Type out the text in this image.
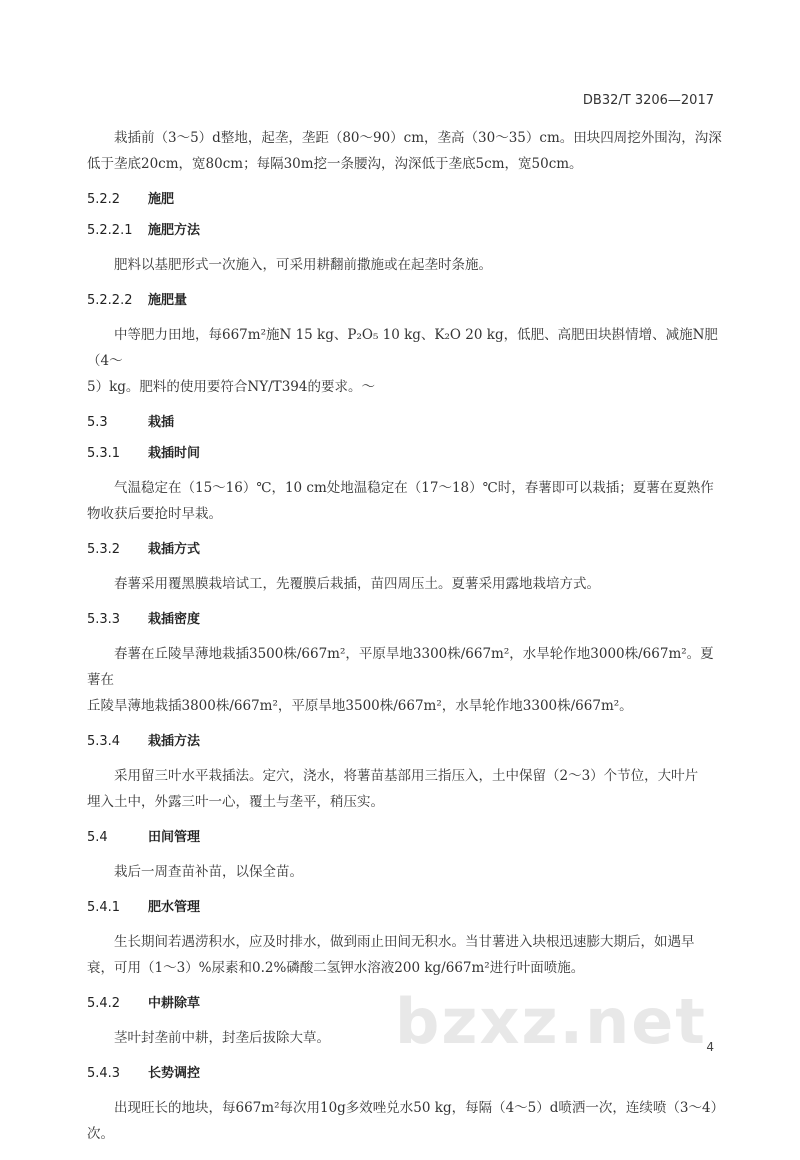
DB32/T 3206—2017

栽插前（3～5）d整地，起垄，垄距（80～90）cm，垄高（30～35）cm。田块四周挖外围沟，沟深

低于垄底20cm，宽80cm；每隔30m挖一条腰沟，沟深低于垄底5cm，宽50cm。

5.2.2 施肥
5.2.2.1 施肥方法

肥料以基肥形式一次施入，可采用耕翻前撒施或在起垄时条施。

5.2.2.2 施肥量

中等肥力田地，每667m²施N 15 kg、P₂O₅ 10 kg、K₂O 20 kg，低肥、高肥田块斟情增、减施N肥（4～

5）kg。肥料的使用要符合NY/T394的要求。～

5.3	栽插
5.3.1 栽插时间

气温稳定在（15～16）℃，10 cm处地温稳定在（17～18）℃时，春薯即可以栽插；夏薯在夏熟作

物收获后要抢时早栽。

5.3.2 栽插方式

春薯采用覆黑膜栽培试工，先覆膜后栽插，苗四周压土。夏薯采用露地栽培方式。

5.3.3 栽插密度

春薯在丘陵旱薄地栽插3500株/667m²，平原旱地3300株/667m²，水旱轮作地3000株/667m²。夏薯在

丘陵旱薄地栽插3800株/667m²，平原旱地3500株/667m²，水旱轮作地3300株/667m²。

5.3.4 栽插方法

采用留三叶水平栽插法。定穴，浇水，将薯苗基部用三指压入，土中保留（2～3）个节位，大叶片

埋入土中，外露三叶一心，覆土与垄平，稍压实。

5.4	田间管理

栽后一周查苗补苗，以保全苗。

5.4.1 肥水管理

生长期间若遇涝积水，应及时排水，做到雨止田间无积水。当甘薯进入块根迅速膨大期后，如遇早

衰，可用（1～3）%尿素和0.2%磷酸二氢钾水溶液200 kg/667m²进行叶面喷施。

5.4.2 中耕除草

茎叶封垄前中耕，封垄后拔除大草。

5.4.3 长势调控

出现旺长的地块，每667m²每次用10g多效唑兑水50 kg，每隔（4～5）d喷洒一次，连续喷（3～4）

次。

bzxz.net 4
